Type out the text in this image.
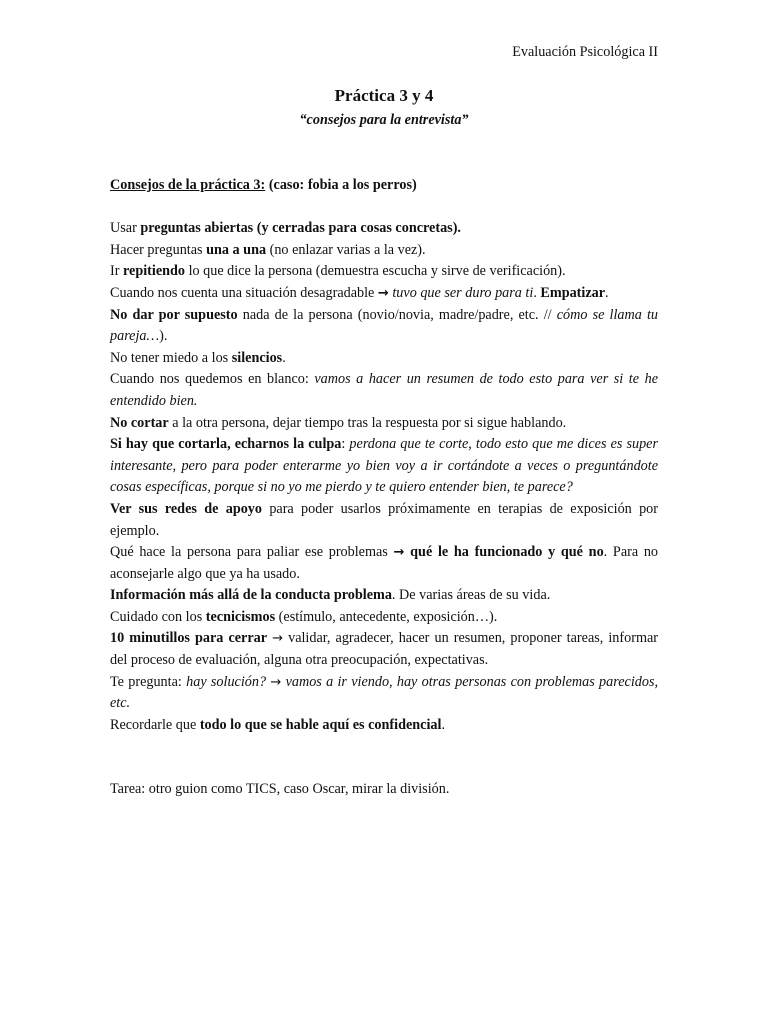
Evaluación Psicológica II
Práctica 3 y 4
“consejos para la entrevista”

Consejos de la práctica 3: (caso: fobia a los perros)

Usar preguntas abiertas (y cerradas para cosas concretas).

Hacer preguntas una a una (no enlazar varias a la vez).

Ir repitiendo lo que dice la persona (demuestra escucha y sirve de verificación).

Cuando nos cuenta una situación desagradable → tuvo que ser duro para ti. Empatizar.

No dar por supuesto nada de la persona (novio/novia, madre/padre, etc. // cómo se llama tu pareja…).

No tener miedo a los silencios.

Cuando nos quedemos en blanco: vamos a hacer un resumen de todo esto para ver si te he entendido bien.

No cortar a la otra persona, dejar tiempo tras la respuesta por si sigue hablando.

Si hay que cortarla, echarnos la culpa: perdona que te corte, todo esto que me dices es super interesante, pero para poder enterarme yo bien voy a ir cortándote a veces o preguntándote cosas específicas, porque si no yo me pierdo y te quiero entender bien, te parece?

Ver sus redes de apoyo para poder usarlos próximamente en terapias de exposición por ejemplo.

Qué hace la persona para paliar ese problemas → qué le ha funcionado y qué no. Para no aconsejarle algo que ya ha usado.

Información más allá de la conducta problema. De varias áreas de su vida.

Cuidado con los tecnicismos (estímulo, antecedente, exposición…).

10 minutillos para cerrar → validar, agradecer, hacer un resumen, proponer tareas, informar del proceso de evaluación, alguna otra preocupación, expectativas.

Te pregunta: hay solución? → vamos a ir viendo, hay otras personas con problemas parecidos, etc.

Recordarle que todo lo que se hable aquí es confidencial.

Tarea: otro guion como TICS, caso Oscar, mirar la división.
